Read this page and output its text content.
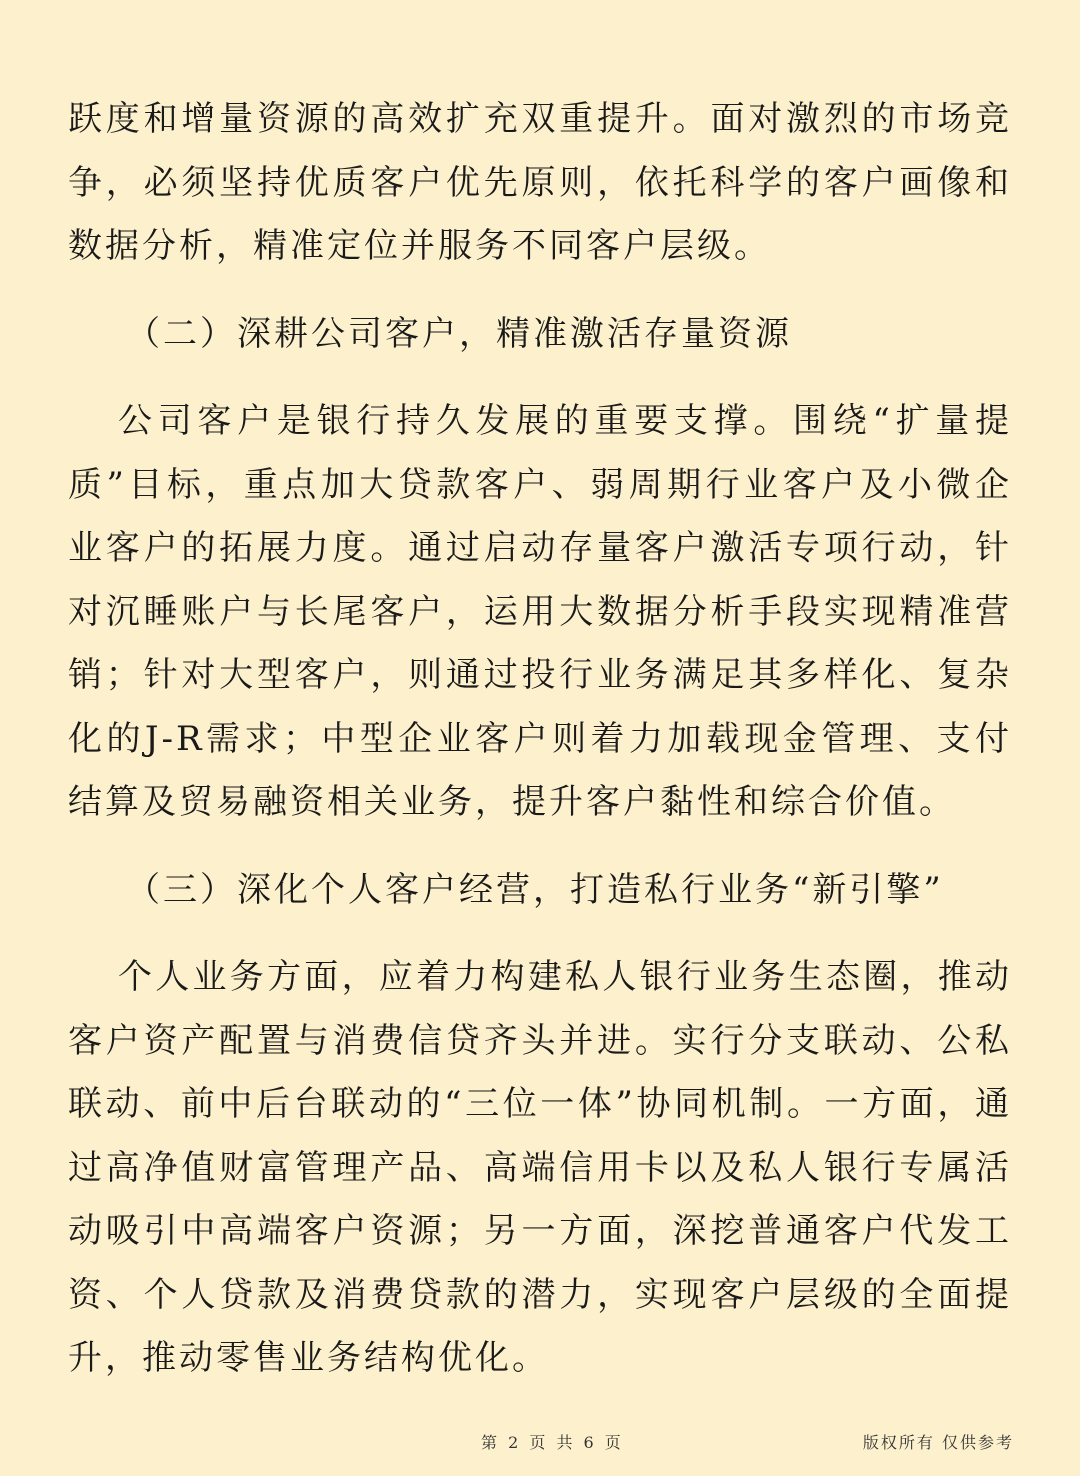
跃度和增量资源的高效扩充双重提升。面对激烈的市场竞争，必须坚持优质客户优先原则，依托科学的客户画像和数据分析，精准定位并服务不同客户层级。

（二）深耕公司客户，精准激活存量资源

公司客户是银行持久发展的重要支撑。围绕“扩量提质”目标，重点加大贷款客户、弱周期行业客户及小微企业客户的拓展力度。通过启动存量客户激活专项行动，针对沉睡账户与长尾客户，运用大数据分析手段实现精准营销；针对大型客户，则通过投行业务满足其多样化、复杂化的J-R需求；中型企业客户则着力加载现金管理、支付结算及贸易融资相关业务，提升客户黏性和综合价值。

（三）深化个人客户经营，打造私行业务“新引擎”

个人业务方面，应着力构建私人银行业务生态圈，推动客户资产配置与消费信贷齐头并进。实行分支联动、公私联动、前中后台联动的“三位一体”协同机制。一方面，通过高净值财富管理产品、高端信用卡以及私人银行专属活动吸引中高端客户资源；另一方面，深挖普通客户代发工资、个人贷款及消费贷款的潜力，实现客户层级的全面提升，推动零售业务结构优化。

第 2 页 共 6 页	版权所有 仅供参考
